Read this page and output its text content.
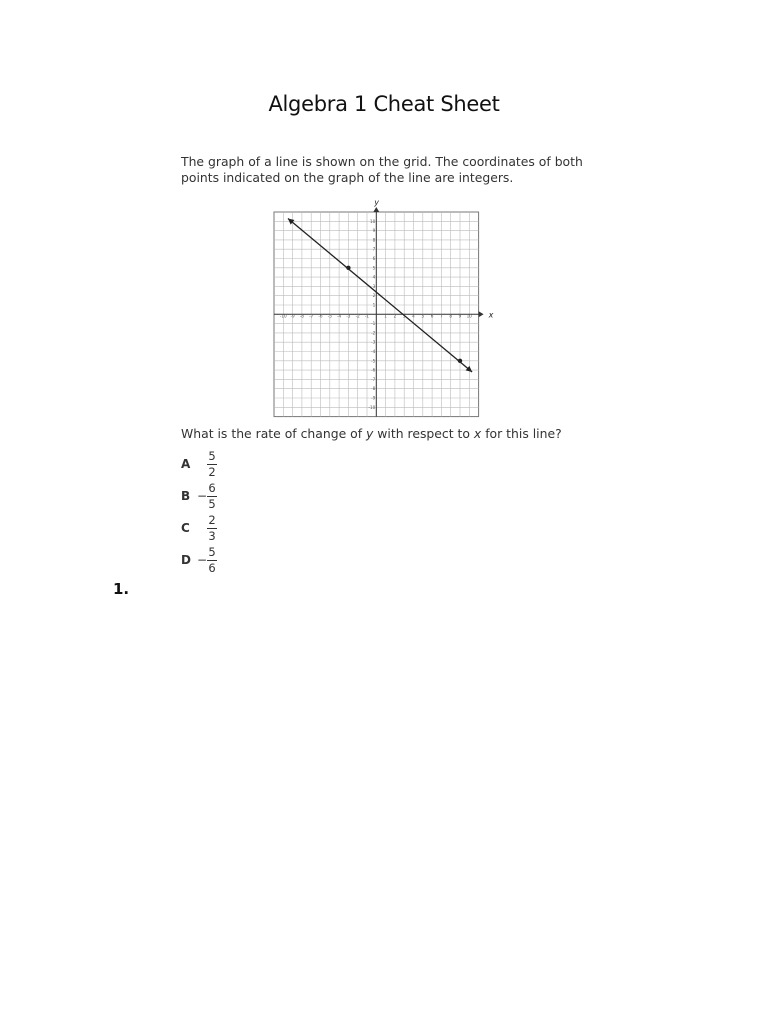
Algebra 1 Cheat Sheet
The graph of a line is shown on the grid. The coordinates of both
points indicated on the graph of the line are integers.
x
y
-10 -9 -8 -7 -6 -5 -4 -3 -2 -1	1 2	4 5 6 7 8 9 10
10
9
8
7
6
5
4
3
2
1
-1
-2
-3
-4
-5
-6
-7
-8
-9
-10
What is the rate of change of y with respect to x for this line?
A	$\frac{5}{2}$
$B - \frac{6}{5}$
C	$\frac{2}{3}$
$D - \frac{5}{6}$
1.
